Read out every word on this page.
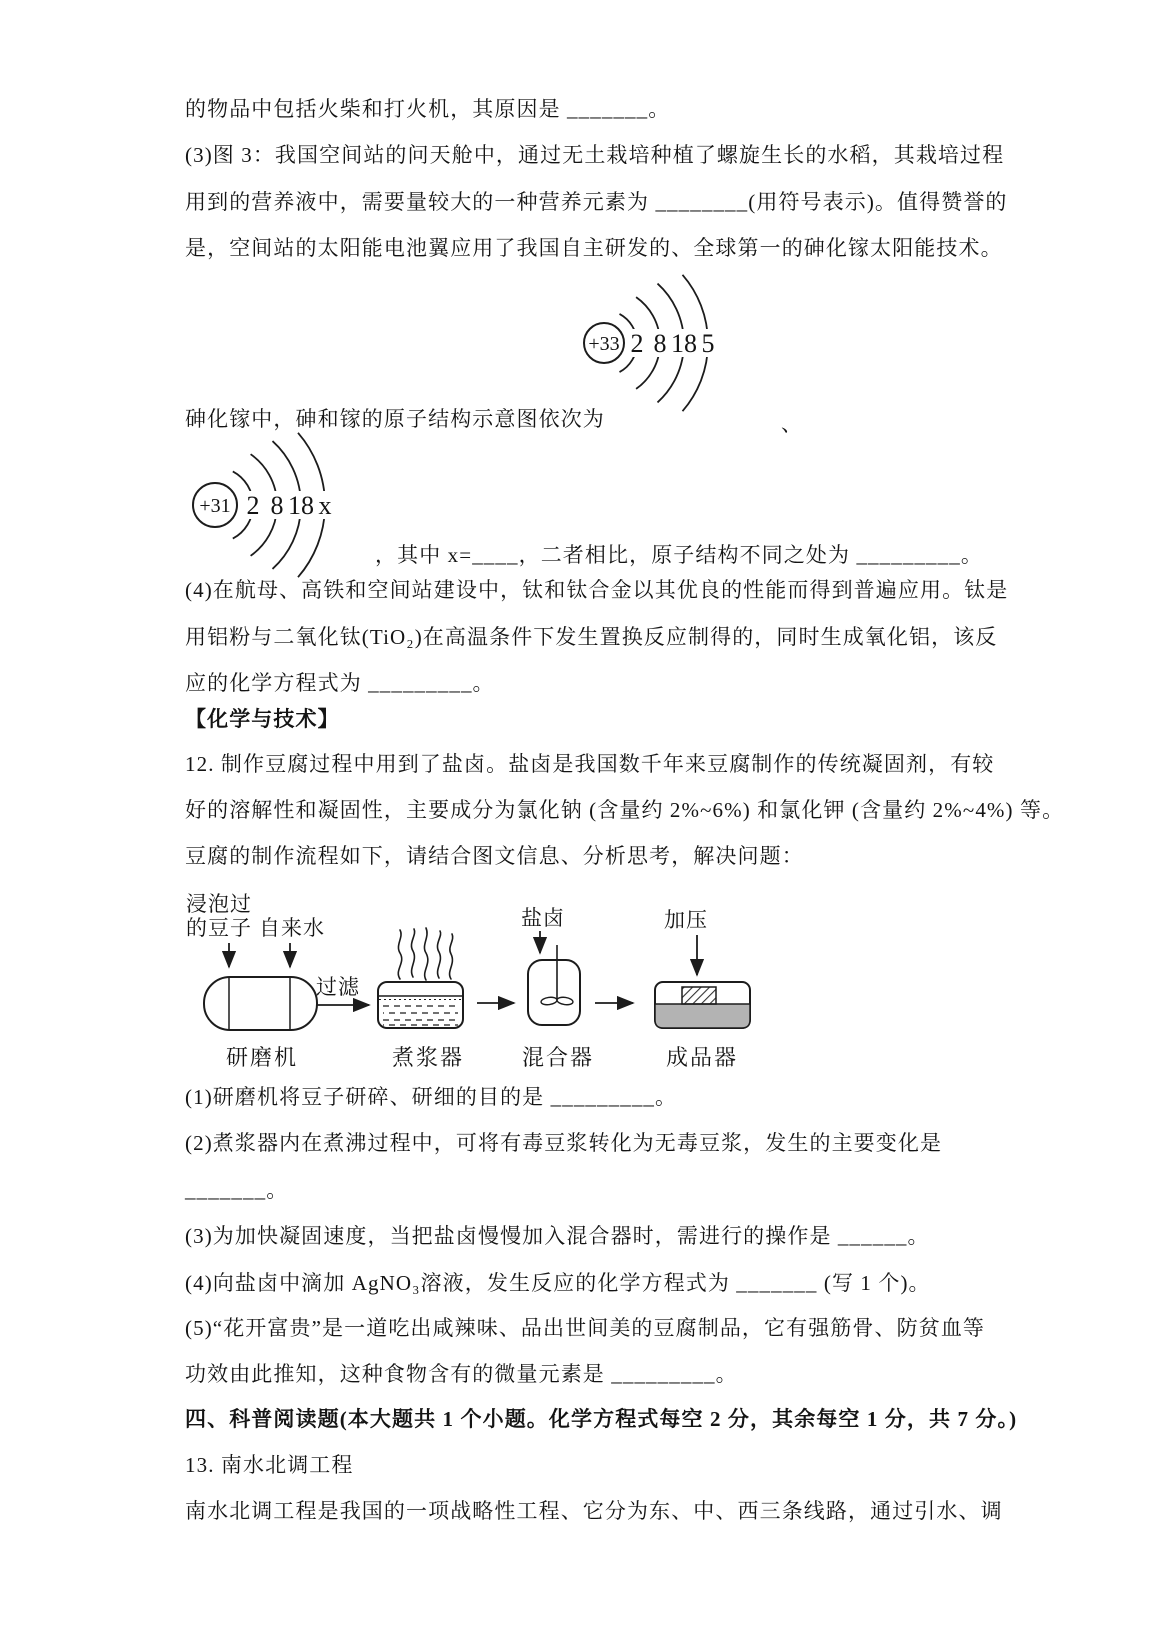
的物品中包括火柴和打火机，其原因是 _______。
(3)图 3：我国空间站的问天舱中，通过无土栽培种植了螺旋生长的水稻，其栽培过程
用到的营养液中，需要量较大的一种营养元素为 ________(用符号表示)。值得赞誉的
是，空间站的太阳能电池翼应用了我国自主研发的、全球第一的砷化镓太阳能技术。
砷化镓中，砷和镓的原子结构示意图依次为	、
，其中 x=____，二者相比，原子结构不同之处为 _________。
(4)在航母、高铁和空间站建设中，钛和钛合金以其优良的性能而得到普遍应用。钛是
用铝粉与二氧化钛(TiO₂)在高温条件下发生置换反应制得的，同时生成氧化铝，该反
应的化学方程式为 _________。
【化学与技术】
12. 制作豆腐过程中用到了盐卤。盐卤是我国数千年来豆腐制作的传统凝固剂，有较
好的溶解性和凝固性，主要成分为氯化钠 (含量约 2%~6%) 和氯化钾 (含量约 2%~4%) 等。
豆腐的制作流程如下，请结合图文信息、分析思考，解决问题：
(1)研磨机将豆子研碎、研细的目的是 _________。
(2)煮浆器内在煮沸过程中，可将有毒豆浆转化为无毒豆浆，发生的主要变化是
_______。
(3)为加快凝固速度，当把盐卤慢慢加入混合器时，需进行的操作是 ______。
(4)向盐卤中滴加 AgNO₃溶液，发生反应的化学方程式为 _______ (写 1 个)。
(5)“花开富贵”是一道吃出咸辣味、品出世间美的豆腐制品，它有强筋骨、防贫血等
功效由此推知，这种食物含有的微量元素是 _________。
四、科普阅读题(本大题共 1 个小题。化学方程式每空 2 分，其余每空 1 分，共 7 分。)
13. 南水北调工程
南水北调工程是我国的一项战略性工程、它分为东、中、西三条线路，通过引水、调
+33 2 8 18 5
+31 2 8 18 x
浸泡过
的豆子 自来水
过滤
盐卤	加压
研磨机	煮浆器	混合器	成品器
